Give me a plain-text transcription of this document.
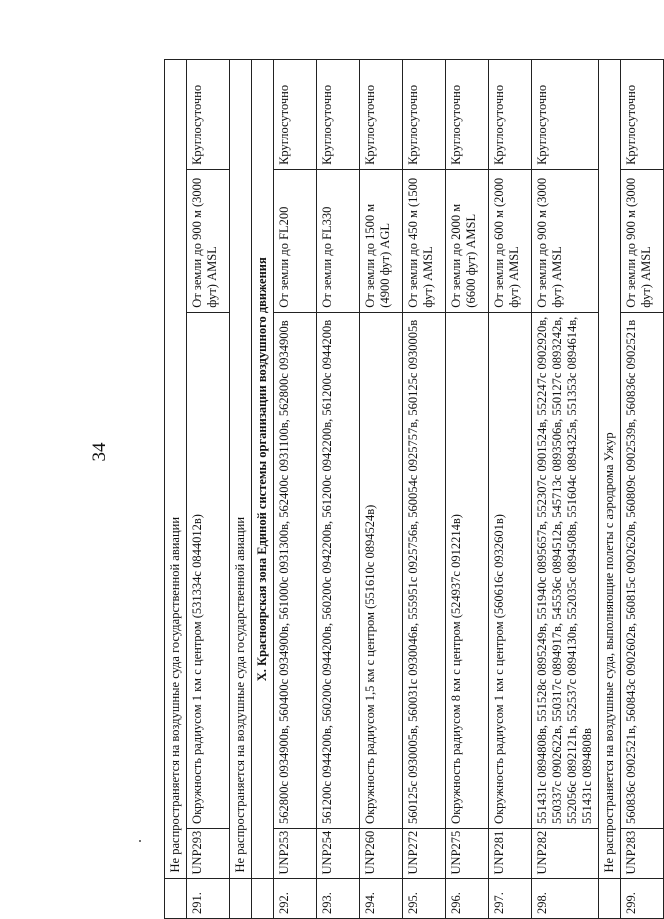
34
	Не распространяется на воздушные суда государственной авиации			
291.	UNP293	Окружность радиусом 1 км с центром (531334с 0844012в)	От земли до 900 м (3000 фут) AMSL	Круглосуточно
	Не распространяется на воздушные суда государственной авиации			
	X. Красноярская зона Единой системы организации воздушного движения			
292.	UNP253	562800с 0934900в, 560400с 0934900в, 561000с 0931300в, 562400с 0931100в, 562800с 0934900в	От земли до FL200	Круглосуточно
293.	UNP254	561200с 0944200в, 560200с 0944200в, 560200с 0942200в, 561200с 0942200в, 561200с 0944200в	От земли до FL330	Круглосуточно
294.	UNP260	Окружность радиусом 1,5 км с центром (551610с 0894524в)	От земли до 1500 м (4900 фут) AGL	Круглосуточно
295.	UNP272	560125с 0930005в, 560031с 0930046в, 555951с 0925756в, 560054с 0925757в, 560125с 0930005в	От земли до 450 м (1500 фут) AMSL	Круглосуточно
296.	UNP275	Окружность радиусом 8 км с центром (524937с 0912214в)	От земли до 2000 м (6600 фут) AMSL	Круглосуточно
297.	UNP281	Окружность радиусом 1 км с центром (560616с 0932601в)	От земли до 600 м (2000 фут) AMSL	Круглосуточно
298.	UNP282	551431с 0894808в, 551528с 0895249в, 551940с 0895657в, 552307с 0901524в, 552247с 0902920в, 550337с 0902622в, 550317с 0894917в, 545536с 0894512в, 545713с 0893506в, 550127с 0893242в, 552056с 0892121в, 552537с 0894130в, 552035с 0894508в, 551604с 0894325в, 551353с 0894614в, 551431с 0894808в	От земли до 900 м (3000 фут) AMSL	Круглосуточно
	Не распространяется на воздушные суда, выполняющие полеты с аэродрома Ужур			
299.	UNP283	560836с 0902521в, 560843с 0902602в, 560815с 0902620в, 560809с 0902539в, 560836с 0902521в	От земли до 900 м (3000 фут) AMSL	Круглосуточно
